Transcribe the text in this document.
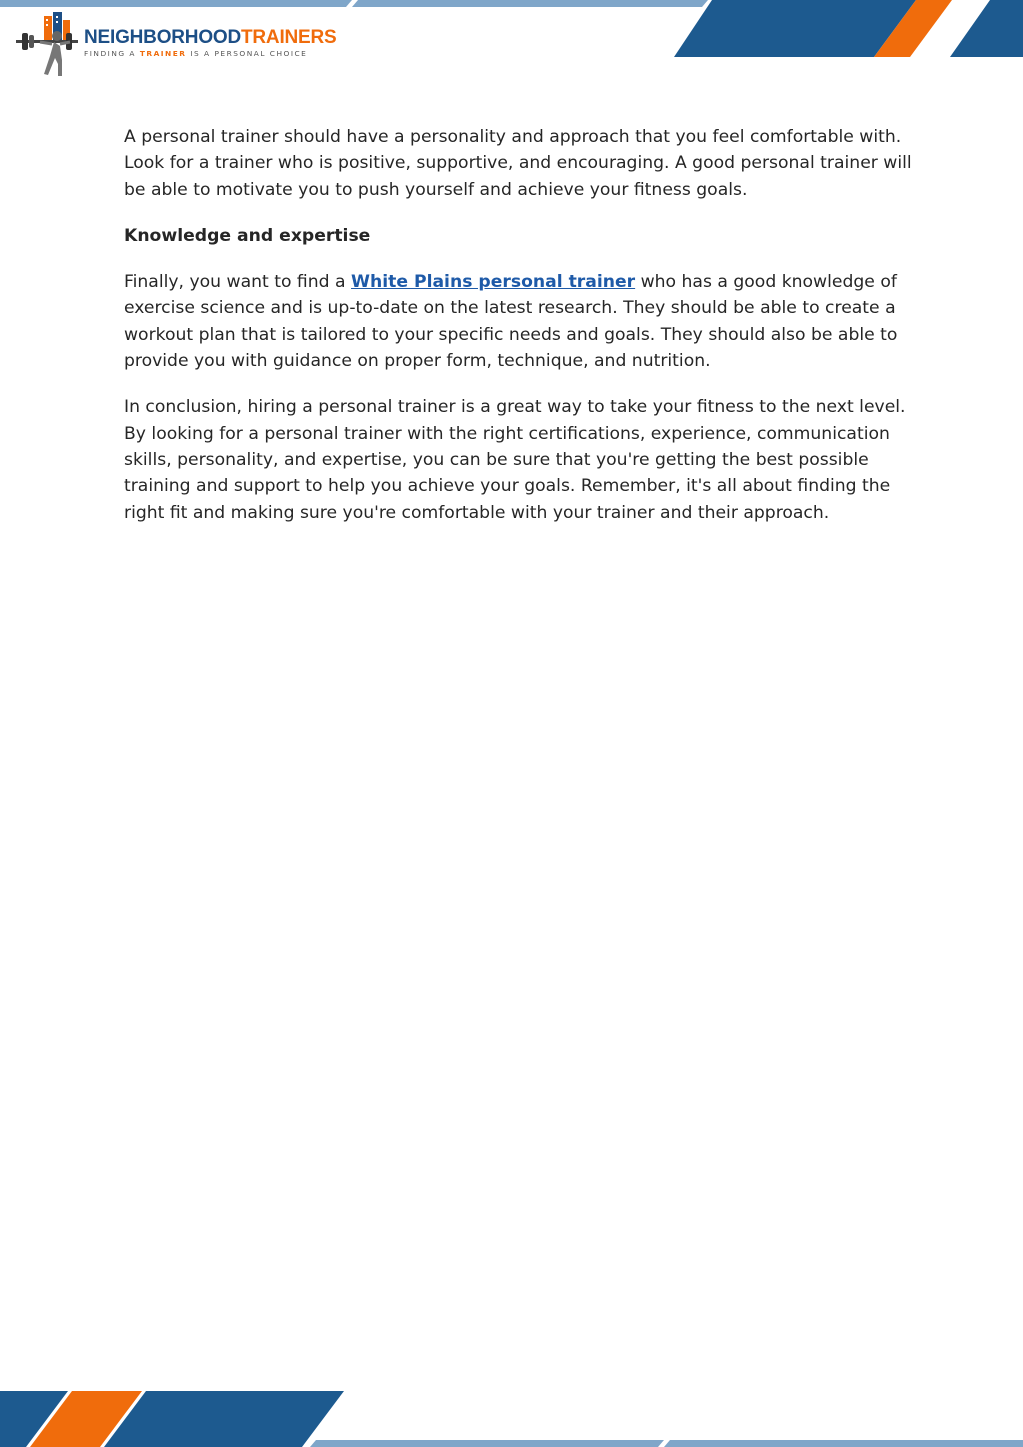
NEIGHBORHOODTRAINERS
FINDING A TRAINER IS A PERSONAL CHOICE

A personal trainer should have a personality and approach that you feel comfortable with. Look for a trainer who is positive, supportive, and encouraging. A good personal trainer will be able to motivate you to push yourself and achieve your fitness goals.

Knowledge and expertise

Finally, you want to find a White Plains personal trainer who has a good knowledge of exercise science and is up-to-date on the latest research. They should be able to create a workout plan that is tailored to your specific needs and goals. They should also be able to provide you with guidance on proper form, technique, and nutrition.

In conclusion, hiring a personal trainer is a great way to take your fitness to the next level. By looking for a personal trainer with the right certifications, experience, communication skills, personality, and expertise, you can be sure that you're getting the best possible training and support to help you achieve your goals. Remember, it's all about finding the right fit and making sure you're comfortable with your trainer and their approach.
